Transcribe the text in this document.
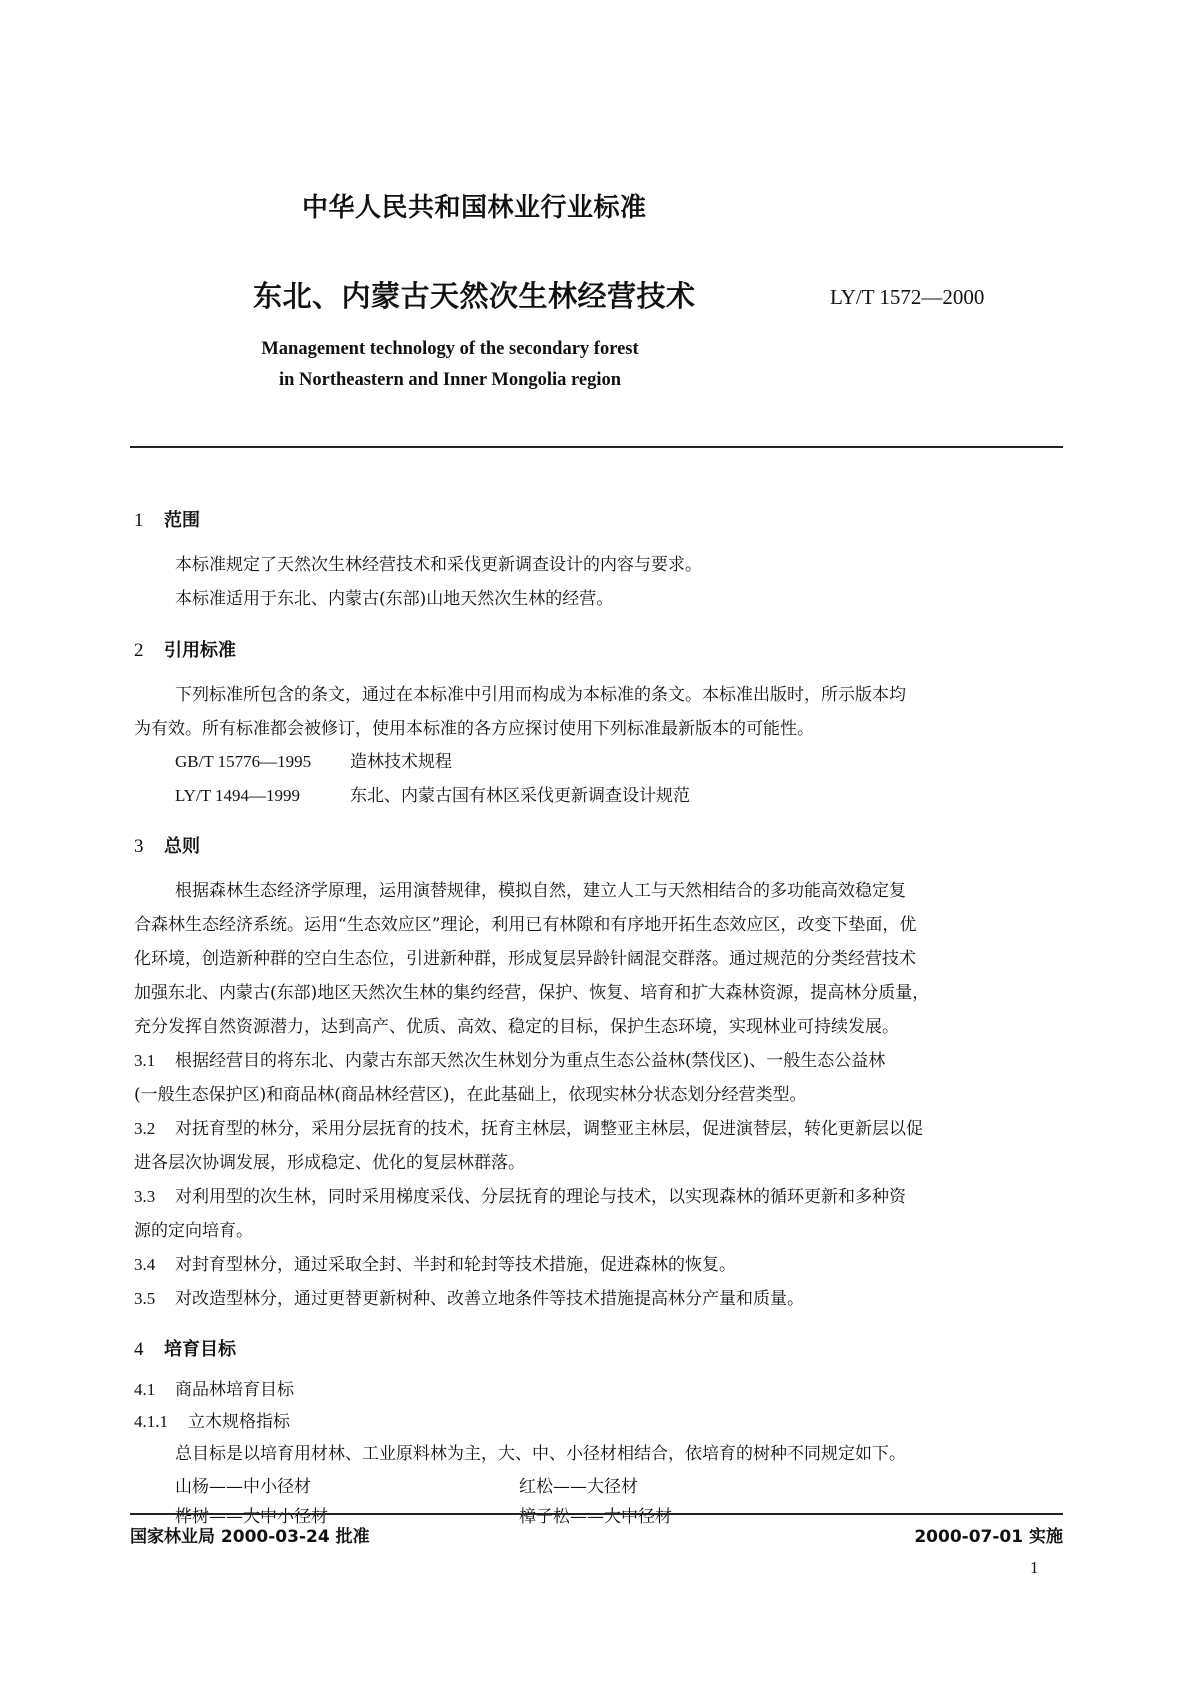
中华人民共和国林业行业标准
东北、内蒙古天然次生林经营技术	LY/T 1572—2000
Management technology of the secondary forest
in Northeastern and Inner Mongolia region
1 范围
本标准规定了天然次生林经营技术和采伐更新调查设计的内容与要求。
本标准适用于东北、内蒙古(东部)山地天然次生林的经营。
2 引用标准
下列标准所包含的条文，通过在本标准中引用而构成为本标准的条文。本标准出版时，所示版本均
为有效。所有标准都会被修订，使用本标准的各方应探讨使用下列标准最新版本的可能性。
GB/T 15776—1995 造林技术规程
LY/T 1494—1999	东北、内蒙古国有林区采伐更新调查设计规范
3 总则
根据森林生态经济学原理，运用演替规律，模拟自然，建立人工与天然相结合的多功能高效稳定复
合森林生态经济系统。运用“生态效应区”理论，利用已有林隙和有序地开拓生态效应区，改变下垫面，优
化环境，创造新种群的空白生态位，引进新种群，形成复层异龄针阔混交群落。通过规范的分类经营技术
加强东北、内蒙古(东部)地区天然次生林的集约经营，保护、恢复、培育和扩大森林资源，提高林分质量，
充分发挥自然资源潜力，达到高产、优质、高效、稳定的目标，保护生态环境，实现林业可持续发展。
3.1 根据经营目的将东北、内蒙古东部天然次生林划分为重点生态公益林(禁伐区)、一般生态公益林
(一般生态保护区)和商品林(商品林经营区)，在此基础上，依现实林分状态划分经营类型。
3.2 对抚育型的林分，采用分层抚育的技术，抚育主林层，调整亚主林层，促进演替层，转化更新层以促
进各层次协调发展，形成稳定、优化的复层林群落。
3.3 对利用型的次生林，同时采用梯度采伐、分层抚育的理论与技术，以实现森林的循环更新和多种资
源的定向培育。
3.4 对封育型林分，通过采取全封、半封和轮封等技术措施，促进森林的恢复。
3.5 对改造型林分，通过更替更新树种、改善立地条件等技术措施提高林分产量和质量。
4 培育目标
4.1 商品林培育目标
4.1.1 立木规格指标
总目标是以培育用材林、工业原料林为主，大、中、小径材相结合，依培育的树种不同规定如下。
山杨——中小径材	红松——大径材
桦树——大中小径材	樟子松——大中径材
国家林业局 2000-03-24 批准	2000-07-01 实施
1
